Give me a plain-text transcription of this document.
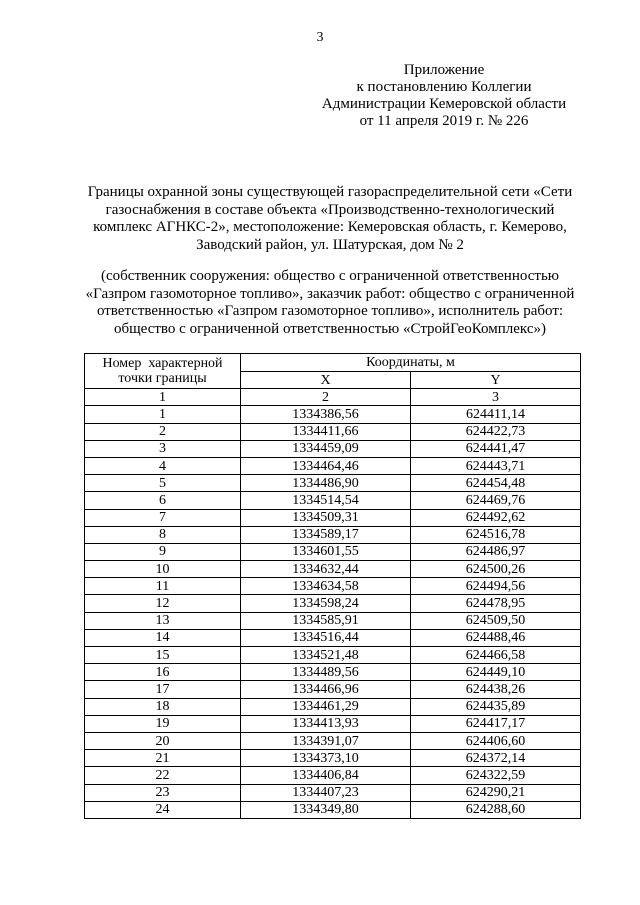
3
Приложение
к постановлению Коллегии
Администрации Кемеровской области
от 11 апреля 2019 г. № 226
Границы охранной зоны существующей газораспределительной сети «Сети
газоснабжения в составе объекта «Производственно-технологический
комплекс АГНКС-2», местоположение: Кемеровская область, г. Кемерово,
Заводский район, ул. Шатурская, дом № 2
(собственник сооружения: общество с ограниченной ответственностью
«Газпром газомоторное топливо», заказчик работ: общество с ограниченной
ответственностью «Газпром газомоторное топливо», исполнитель работ:
общество с ограниченной ответственностью «СтройГеоКомплекс»)
Номер  характерной
точки границы	Координаты, м	
	X	Y
1	2	3
1	1334386,56	624411,14
2	1334411,66	624422,73
3	1334459,09	624441,47
4	1334464,46	624443,71
5	1334486,90	624454,48
6	1334514,54	624469,76
7	1334509,31	624492,62
8	1334589,17	624516,78
9	1334601,55	624486,97
10	1334632,44	624500,26
11	1334634,58	624494,56
12	1334598,24	624478,95
13	1334585,91	624509,50
14	1334516,44	624488,46
15	1334521,48	624466,58
16	1334489,56	624449,10
17	1334466,96	624438,26
18	1334461,29	624435,89
19	1334413,93	624417,17
20	1334391,07	624406,60
21	1334373,10	624372,14
22	1334406,84	624322,59
23	1334407,23	624290,21
24	1334349,80	624288,60
